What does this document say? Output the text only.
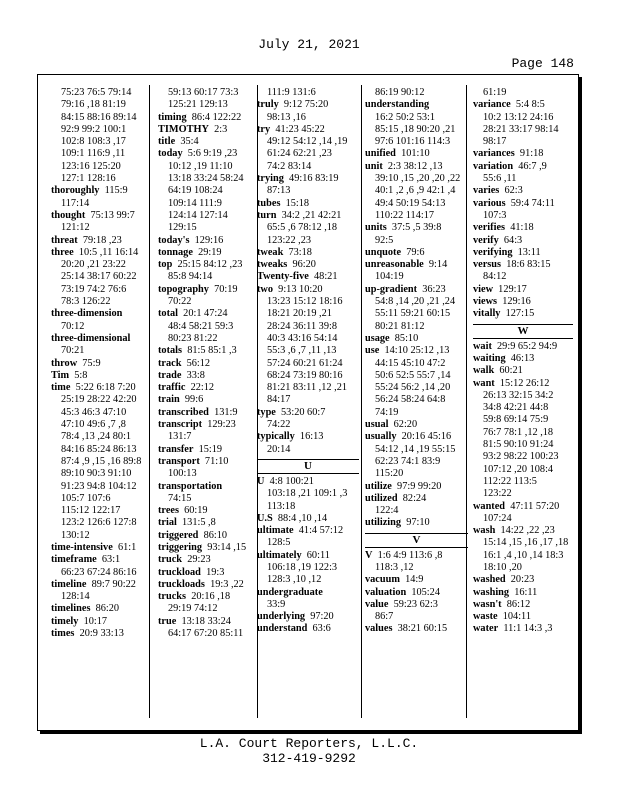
July 21, 2021
Page 148
75:23 76:5 79:14
79:16 ,18 81:19
84:15 88:16 89:14
92:9 99:2 100:1
102:8 108:3 ,17
109:1 116:9 ,11
123:16 125:20
127:1 128:16
thoroughly 115:9
117:14
thought 75:13 99:7
121:12
threat 79:18 ,23
three 10:5 ,11 16:14
20:20 ,21 23:22
25:14 38:17 60:22
73:19 74:2 76:6
78:3 126:22
three-dimension
70:12
three-dimensional
70:21
throw 75:9
Tim 5:8
time 5:22 6:18 7:20
25:19 28:22 42:20
45:3 46:3 47:10
47:10 49:6 ,7 ,8
78:4 ,13 ,24 80:1
84:16 85:24 86:13
87:4 ,9 ,15 ,16 89:8
89:10 90:3 91:10
91:23 94:8 104:12
105:7 107:6
115:12 122:17
123:2 126:6 127:8
130:12
time-intensive 61:1
timeframe 63:1
66:23 67:24 86:16
timeline 89:7 90:22
128:14
timelines 86:20
timely 10:17
times 20:9 33:13
59:13 60:17 73:3
125:21 129:13
timing 86:4 122:22
TIMOTHY 2:3
title 35:4
today 5:6 9:19 ,23
10:12 ,19 11:10
13:18 33:24 58:24
64:19 108:24
109:14 111:9
124:14 127:14
129:15
today's 129:16
tonnage 29:19
top 25:15 84:12 ,23
85:8 94:14
topography 70:19
70:22
total 20:1 47:24
48:4 58:21 59:3
80:23 81:22
totals 81:5 85:1 ,3
track 56:12
trade 33:8
traffic 22:12
train 99:6
transcribed 131:9
transcript 129:23
131:7
transfer 15:19
transport 71:10
100:13
transportation
74:15
trees 60:19
trial 131:5 ,8
triggered 86:10
triggering 93:14 ,15
truck 29:23
truckload 19:3
truckloads 19:3 ,22
trucks 20:16 ,18
29:19 74:12
true 13:18 33:24
64:17 67:20 85:11
111:9 131:6
truly 9:12 75:20
98:13 ,16
try 41:23 45:22
49:12 54:12 ,14 ,19
61:24 62:21 ,23
74:2 83:14
trying 49:16 83:19
87:13
tubes 15:18
turn 34:2 ,21 42:21
65:5 ,6 78:12 ,18
123:22 ,23
tweak 73:18
tweaks 96:20
Twenty-five 48:21
two 9:13 10:20
13:23 15:12 18:16
18:21 20:19 ,21
28:24 36:11 39:8
40:3 43:16 54:14
55:3 ,6 ,7 ,11 ,13
57:24 60:21 61:24
68:24 73:19 80:16
81:21 83:11 ,12 ,21
84:17
type 53:20 60:7
74:22
typically 16:13
20:14
U
U 4:8 100:21
103:18 ,21 109:1 ,3
113:18
U.S 88:4 ,10 ,14
ultimate 41:4 57:12
128:5
ultimately 60:11
106:18 ,19 122:3
128:3 ,10 ,12
undergraduate
33:9
underlying 97:20
understand 63:6
86:19 90:12
understanding
16:2 50:2 53:1
85:15 ,18 90:20 ,21
97:6 101:16 114:3
unified 101:10
unit 2:3 38:12 ,13
39:10 ,15 ,20 ,20 ,22
40:1 ,2 ,6 ,9 42:1 ,4
49:4 50:19 54:13
110:22 114:17
units 37:5 ,5 39:8
92:5
unquote 79:6
unreasonable 9:14
104:19
up-gradient 36:23
54:8 ,14 ,20 ,21 ,24
55:11 59:21 60:15
80:21 81:12
usage 85:10
use 14:10 25:12 ,13
44:15 45:10 47:2
50:6 52:5 55:7 ,14
55:24 56:2 ,14 ,20
56:24 58:24 64:8
74:19
usual 62:20
usually 20:16 45:16
54:12 ,14 ,19 55:15
62:23 74:1 83:9
115:20
utilize 97:9 99:20
utilized 82:24
122:4
utilizing 97:10
V
V 1:6 4:9 113:6 ,8
118:3 ,12
vacuum 14:9
valuation 105:24
value 59:23 62:3
86:7
values 38:21 60:15
61:19
variance 5:4 8:5
10:2 13:12 24:16
28:21 33:17 98:14
98:17
variances 91:18
variation 46:7 ,9
55:6 ,11
varies 62:3
various 59:4 74:11
107:3
verifies 41:18
verify 64:3
verifying 13:11
versus 18:6 83:15
84:12
view 129:17
views 129:16
vitally 127:15
W
wait 29:9 65:2 94:9
waiting 46:13
walk 60:21
want 15:12 26:12
26:13 32:15 34:2
34:8 42:21 44:8
59:8 69:14 75:9
76:7 78:1 ,12 ,18
81:5 90:10 91:24
93:2 98:22 100:23
107:12 ,20 108:4
112:22 113:5
123:22
wanted 47:11 57:20
107:24
wash 14:22 ,22 ,23
15:14 ,15 ,16 ,17 ,18
16:1 ,4 ,10 ,14 18:3
18:10 ,20
washed 20:23
washing 16:11
wasn't 86:12
waste 104:11
water 11:1 14:3 ,3
L.A. Court Reporters, L.L.C.
312-419-9292
